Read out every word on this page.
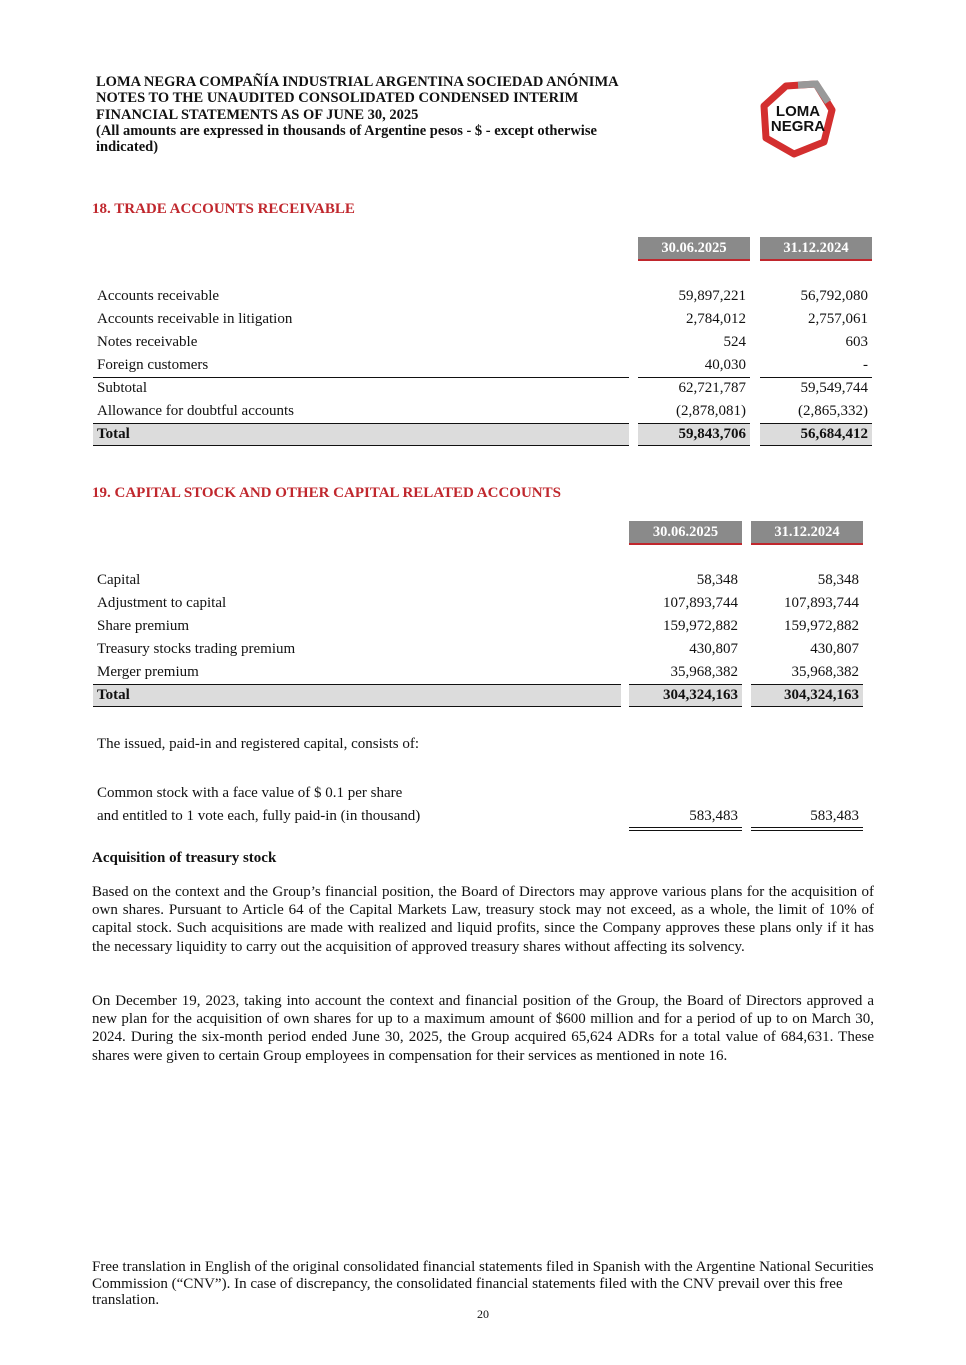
LOMA NEGRA COMPAÑÍA INDUSTRIAL ARGENTINA SOCIEDAD ANÓNIMA
NOTES TO THE UNAUDITED CONSOLIDATED CONDENSED INTERIM
FINANCIAL STATEMENTS AS OF JUNE 30, 2025
(All amounts are expressed in thousands of Argentine pesos - $ - except otherwise
indicated)
LOMA
NEGRA
18. TRADE ACCOUNTS RECEIVABLE
30.06.2025	31.12.2024
Accounts receivable	59,897,221	56,792,080
Accounts receivable in litigation	2,784,012	2,757,061
Notes receivable	524	603
Foreign customers	40,030	-
Subtotal	62,721,787	59,549,744
Allowance for doubtful accounts	(2,878,081)	(2,865,332)
Total	59,843,706	56,684,412
19. CAPITAL STOCK AND OTHER CAPITAL RELATED ACCOUNTS
30.06.2025	31.12.2024
Capital	58,348	58,348
Adjustment to capital	107,893,744	107,893,744
Share premium	159,972,882	159,972,882
Treasury stocks trading premium	430,807	430,807
Merger premium	35,968,382	35,968,382
Total	304,324,163	304,324,163
The issued, paid-in and registered capital, consists of:
Common stock with a face value of $ 0.1 per share
and entitled to 1 vote each, fully paid-in (in thousand)	583,483	583,483
Acquisition of treasury stock
Based on the context and the Group’s financial position, the Board of Directors may approve various plans for the acquisition of own shares. Pursuant to Article 64 of the Capital Markets Law, treasury stock may not exceed, as a whole, the limit of 10% of capital stock. Such acquisitions are made with realized and liquid profits, since the Company approves these plans only if it has the necessary liquidity to carry out the acquisition of approved treasury shares without affecting its solvency.
On December 19, 2023, taking into account the context and financial position of the Group, the Board of Directors approved a new plan for the acquisition of own shares for up to a maximum amount of $600 million and for a period of up to on March 30, 2024. During the six-month period ended June 30, 2025, the Group acquired 65,624 ADRs for a total value of 684,631. These shares were given to certain Group employees in compensation for their services as mentioned in note 16.
Free translation in English of the original consolidated financial statements filed in Spanish with the Argentine National Securities Commission (“CNV”). In case of discrepancy, the consolidated financial statements filed with the CNV prevail over this free translation.
20
